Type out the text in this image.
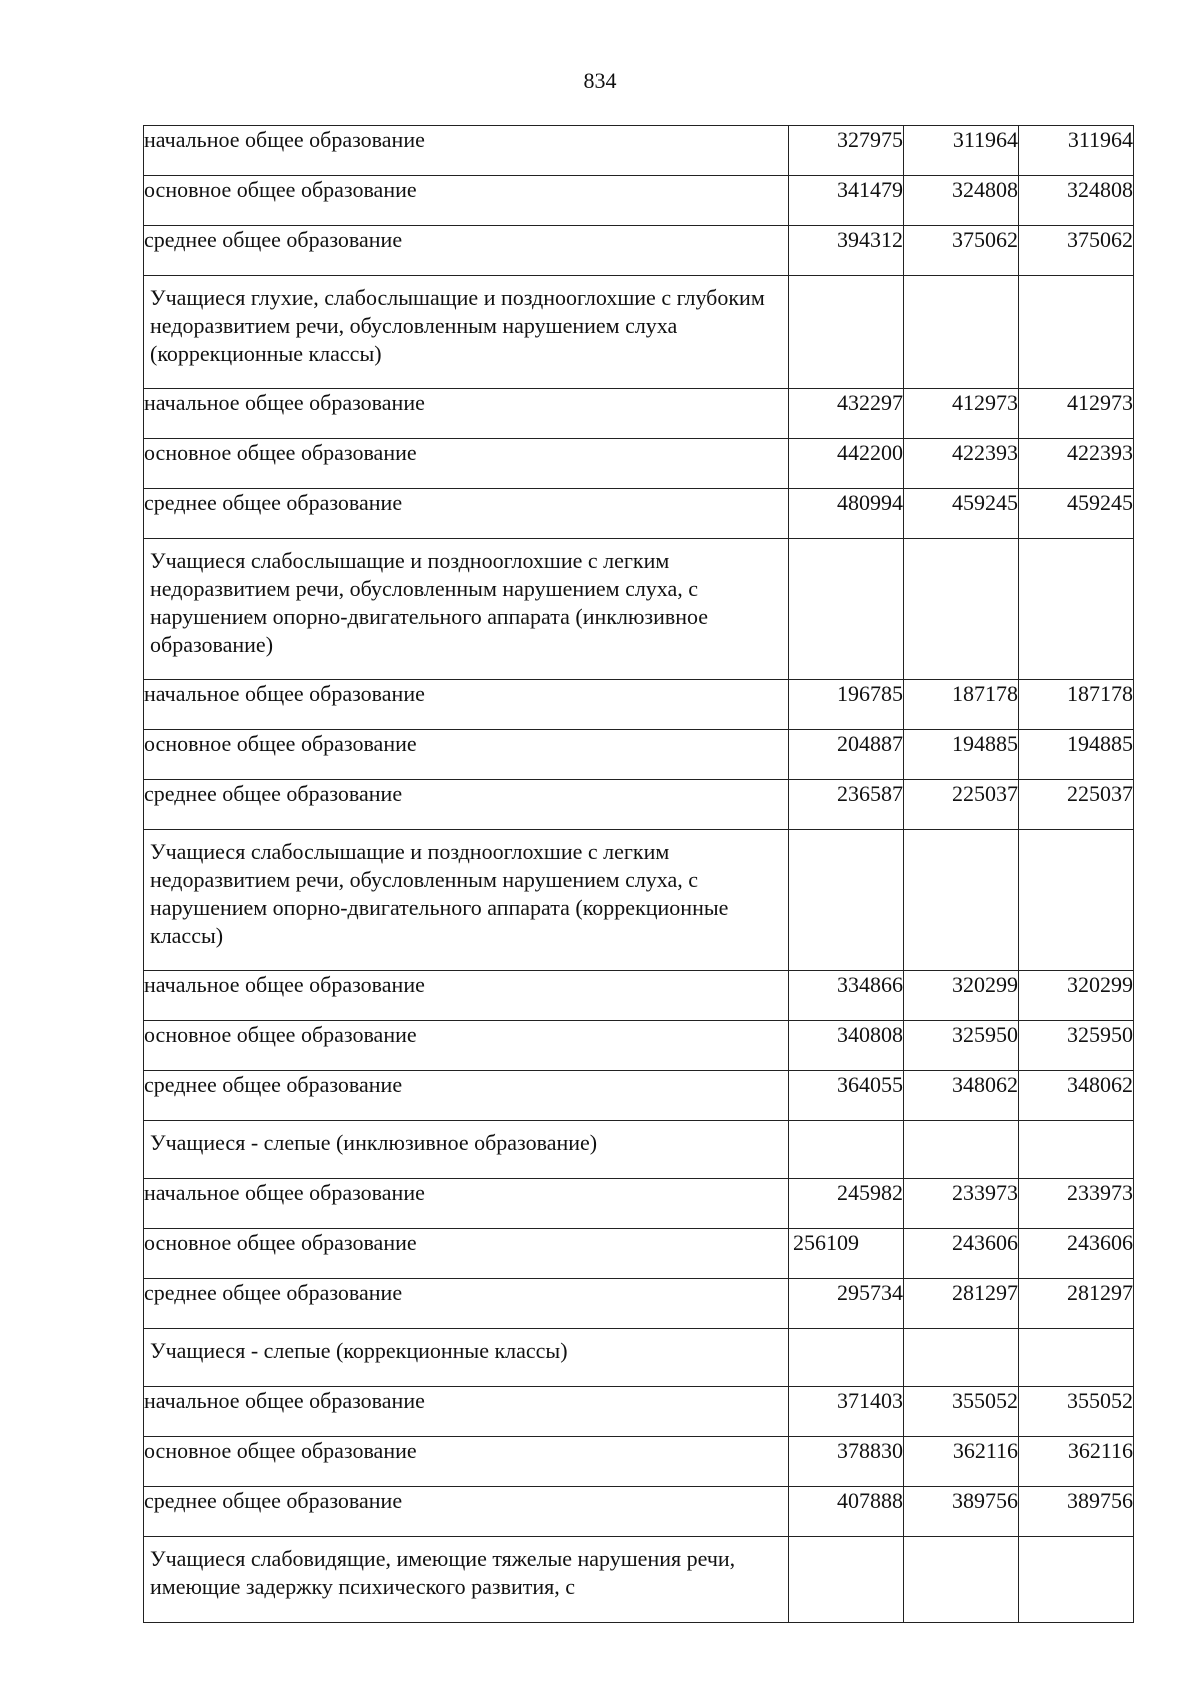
834
начальное общее образование	327975	311964	311964
основное общее образование	341479	324808	324808
среднее общее образование	394312	375062	375062
Учащиеся глухие, слабослышащие и позднооглохшие с глубоким недоразвитием речи, обусловленным нарушением слуха (коррекционные классы)			
начальное общее образование	432297	412973	412973
основное общее образование	442200	422393	422393
среднее общее образование	480994	459245	459245
Учащиеся слабослышащие и позднооглохшие с легким недоразвитием речи, обусловленным нарушением слуха, с нарушением опорно-двигательного аппарата (инклюзивное образование)			
начальное общее образование	196785	187178	187178
основное общее образование	204887	194885	194885
среднее общее образование	236587	225037	225037
Учащиеся слабослышащие и позднооглохшие с легким недоразвитием речи, обусловленным нарушением слуха, с нарушением опорно-двигательного аппарата (коррекционные классы)			
начальное общее образование	334866	320299	320299
основное общее образование	340808	325950	325950
среднее общее образование	364055	348062	348062
Учащиеся - слепые (инклюзивное образование)			
начальное общее образование	245982	233973	233973
основное общее образование	256109	243606	243606
среднее общее образование	295734	281297	281297
Учащиеся - слепые (коррекционные классы)			
начальное общее образование	371403	355052	355052
основное общее образование	378830	362116	362116
среднее общее образование	407888	389756	389756
Учащиеся слабовидящие, имеющие тяжелые нарушения речи, имеющие задержку психического развития, с			
